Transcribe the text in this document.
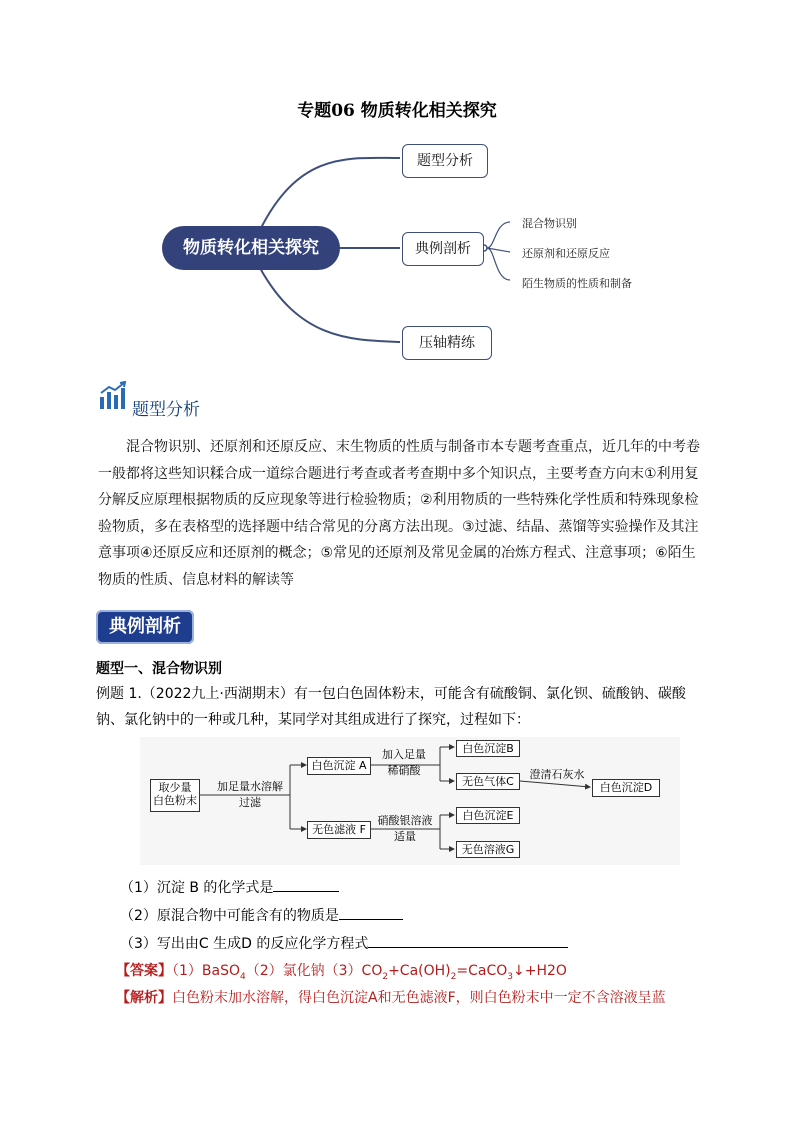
专题06 物质转化相关探究
物质转化相关探究
题型分析
典例剖析
压轴精练
混合物识别
还原剂和还原反应
陌生物质的性质和制备
题型分析
混合物识别、还原剂和还原反应、末生物质的性质与制备市本专题考查重点，近几年的中考卷一般都将这些知识糅合成一道综合题进行考查或者考查期中多个知识点，主要考查方向末①利用复分解反应原理根据物质的反应现象等进行检验物质；②利用物质的一些特殊化学性质和特殊现象检验物质，多在表格型的选择题中结合常见的分离方法出现。③过滤、结晶、蒸馏等实验操作及其注意事项④还原反应和还原剂的概念；⑤常见的还原剂及常见金属的冶炼方程式、注意事项；⑥陌生物质的性质、信息材料的解读等
典例剖析
题型一、混合物识别
例题 1.（2022九上·西湖期末）有一包白色固体粉末，可能含有硫酸铜、氯化钡、硫酸钠、碳酸钠、氯化钠中的一种或几种，某同学对其组成进行了探究，过程如下：
取少量
白色粉末
加足量水溶解
过滤
白色沉淀 A
无色滤液 F
加入足量
稀硝酸
白色沉淀B
无色气体C
澄清石灰水
白色沉淀D
硝酸银溶液
适量
白色沉淀E
无色溶液G
（1）沉淀 B 的化学式是
（2）原混合物中可能含有的物质是
（3）写出由C 生成D 的反应化学方程式
【答案】（1）BaSO$_4$（2）氯化钠$(3)CO_2+Ca(OH)_2=CaCO_3↓+H2O$
【解析】白色粉末加水溶解，得白色沉淀A和无色滤液F，则白色粉末中一定不含溶液呈蓝
